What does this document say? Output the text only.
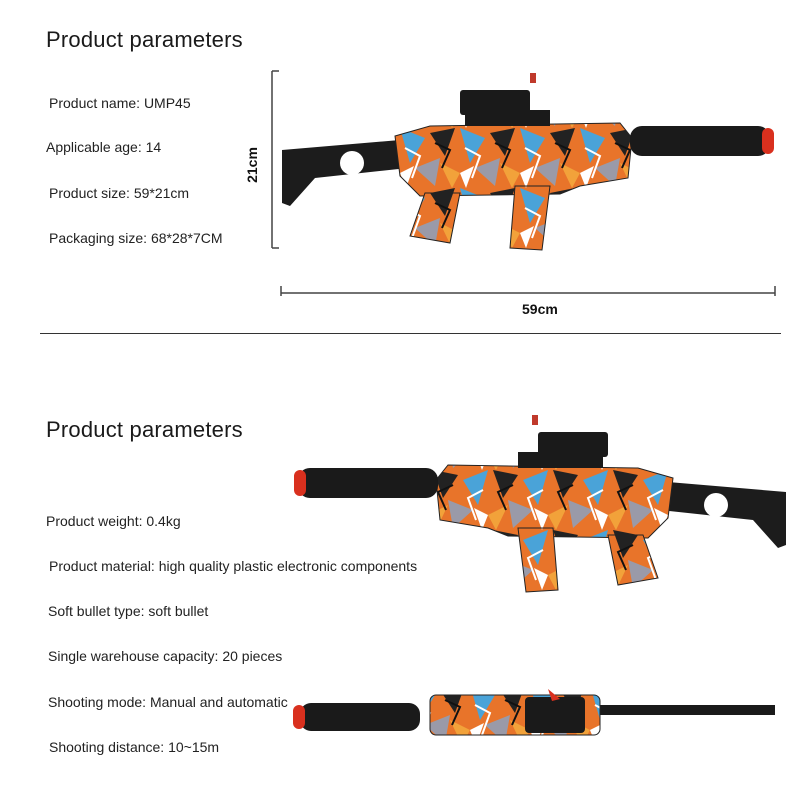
Product parameters
Product name: UMP45
Applicable age: 14
Product size: 59*21cm
Packaging size: 68*28*7CM
21cm
59cm
Product parameters
Product weight: 0.4kg
Product material: high quality plastic electronic components
Soft bullet type: soft bullet
Single warehouse capacity: 20 pieces
Shooting mode: Manual and automatic
Shooting distance: 10~15m
